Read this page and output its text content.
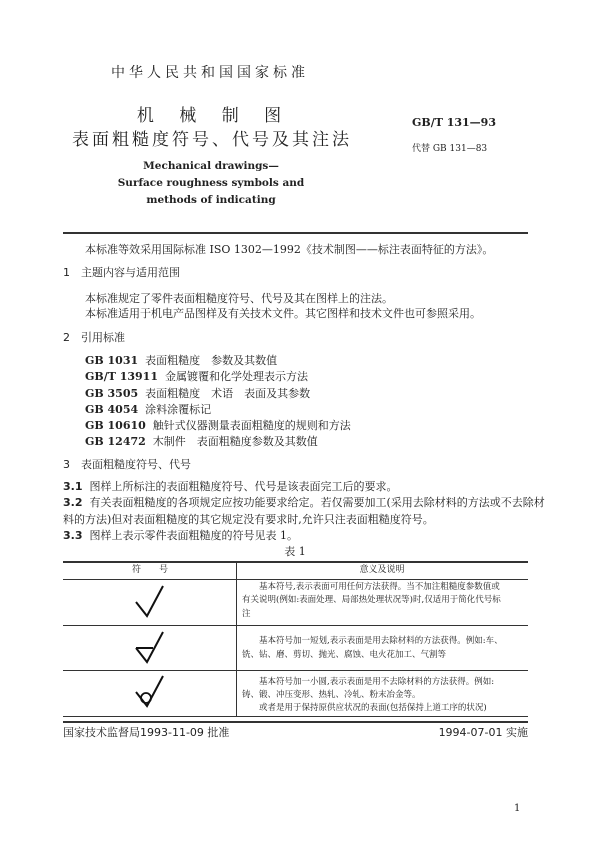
中华人民共和国国家标准
机 械 制 图
表面粗糙度符号、代号及其注法
GB/T 131—93
代替 GB 131—83
Mechanical drawings—
Surface roughness symbols and
methods of indicating
本标准等效采用国际标准 ISO 1302—1992《技术制图——标注表面特征的方法》。
1　主题内容与适用范围
本标准规定了零件表面粗糙度符号、代号及其在图样上的注法。
本标准适用于机电产品图样及有关技术文件。其它图样和技术文件也可参照采用。
2　引用标准
GB 1031 表面粗糙度　参数及其数值
GB/T 13911 金属镀覆和化学处理表示方法
GB 3505 表面粗糙度　术语　表面及其参数
GB 4054 涂料涂覆标记
GB 10610 触针式仪器测量表面粗糙度的规则和方法
GB 12472 木制件　表面粗糙度参数及其数值
3　表面粗糙度符号、代号
3.1 图样上所标注的表面粗糙度符号、代号是该表面完工后的要求。
3.2 有关表面粗糙度的各项规定应按功能要求给定。若仅需要加工(采用去除材料的方法或不去除材
料的方法)但对表面粗糙度的其它规定没有要求时,允许只注表面粗糙度符号。
3.3 图样上表示零件表面粗糙度的符号见表 1。
表 1
符　　号	意义及说明
　　基本符号,表示表面可用任何方法获得。当不加注粗糙度参数值或
有关说明(例如:表面处理、局部热处理状况等)时,仅适用于简化代号标
注
　　基本符号加一短划,表示表面是用去除材料的方法获得。例如:车、
铣、钻、磨、剪切、抛光、腐蚀、电火花加工、气割等
　　基本符号加一小圆,表示表面是用不去除材料的方法获得。例如:
铸、锻、冲压变形、热轧、冷轧、粉末冶金等。
　　或者是用于保持原供应状况的表面(包括保持上道工序的状况)
国家技术监督局1993-11-09 批准	1994-07-01 实施
1
